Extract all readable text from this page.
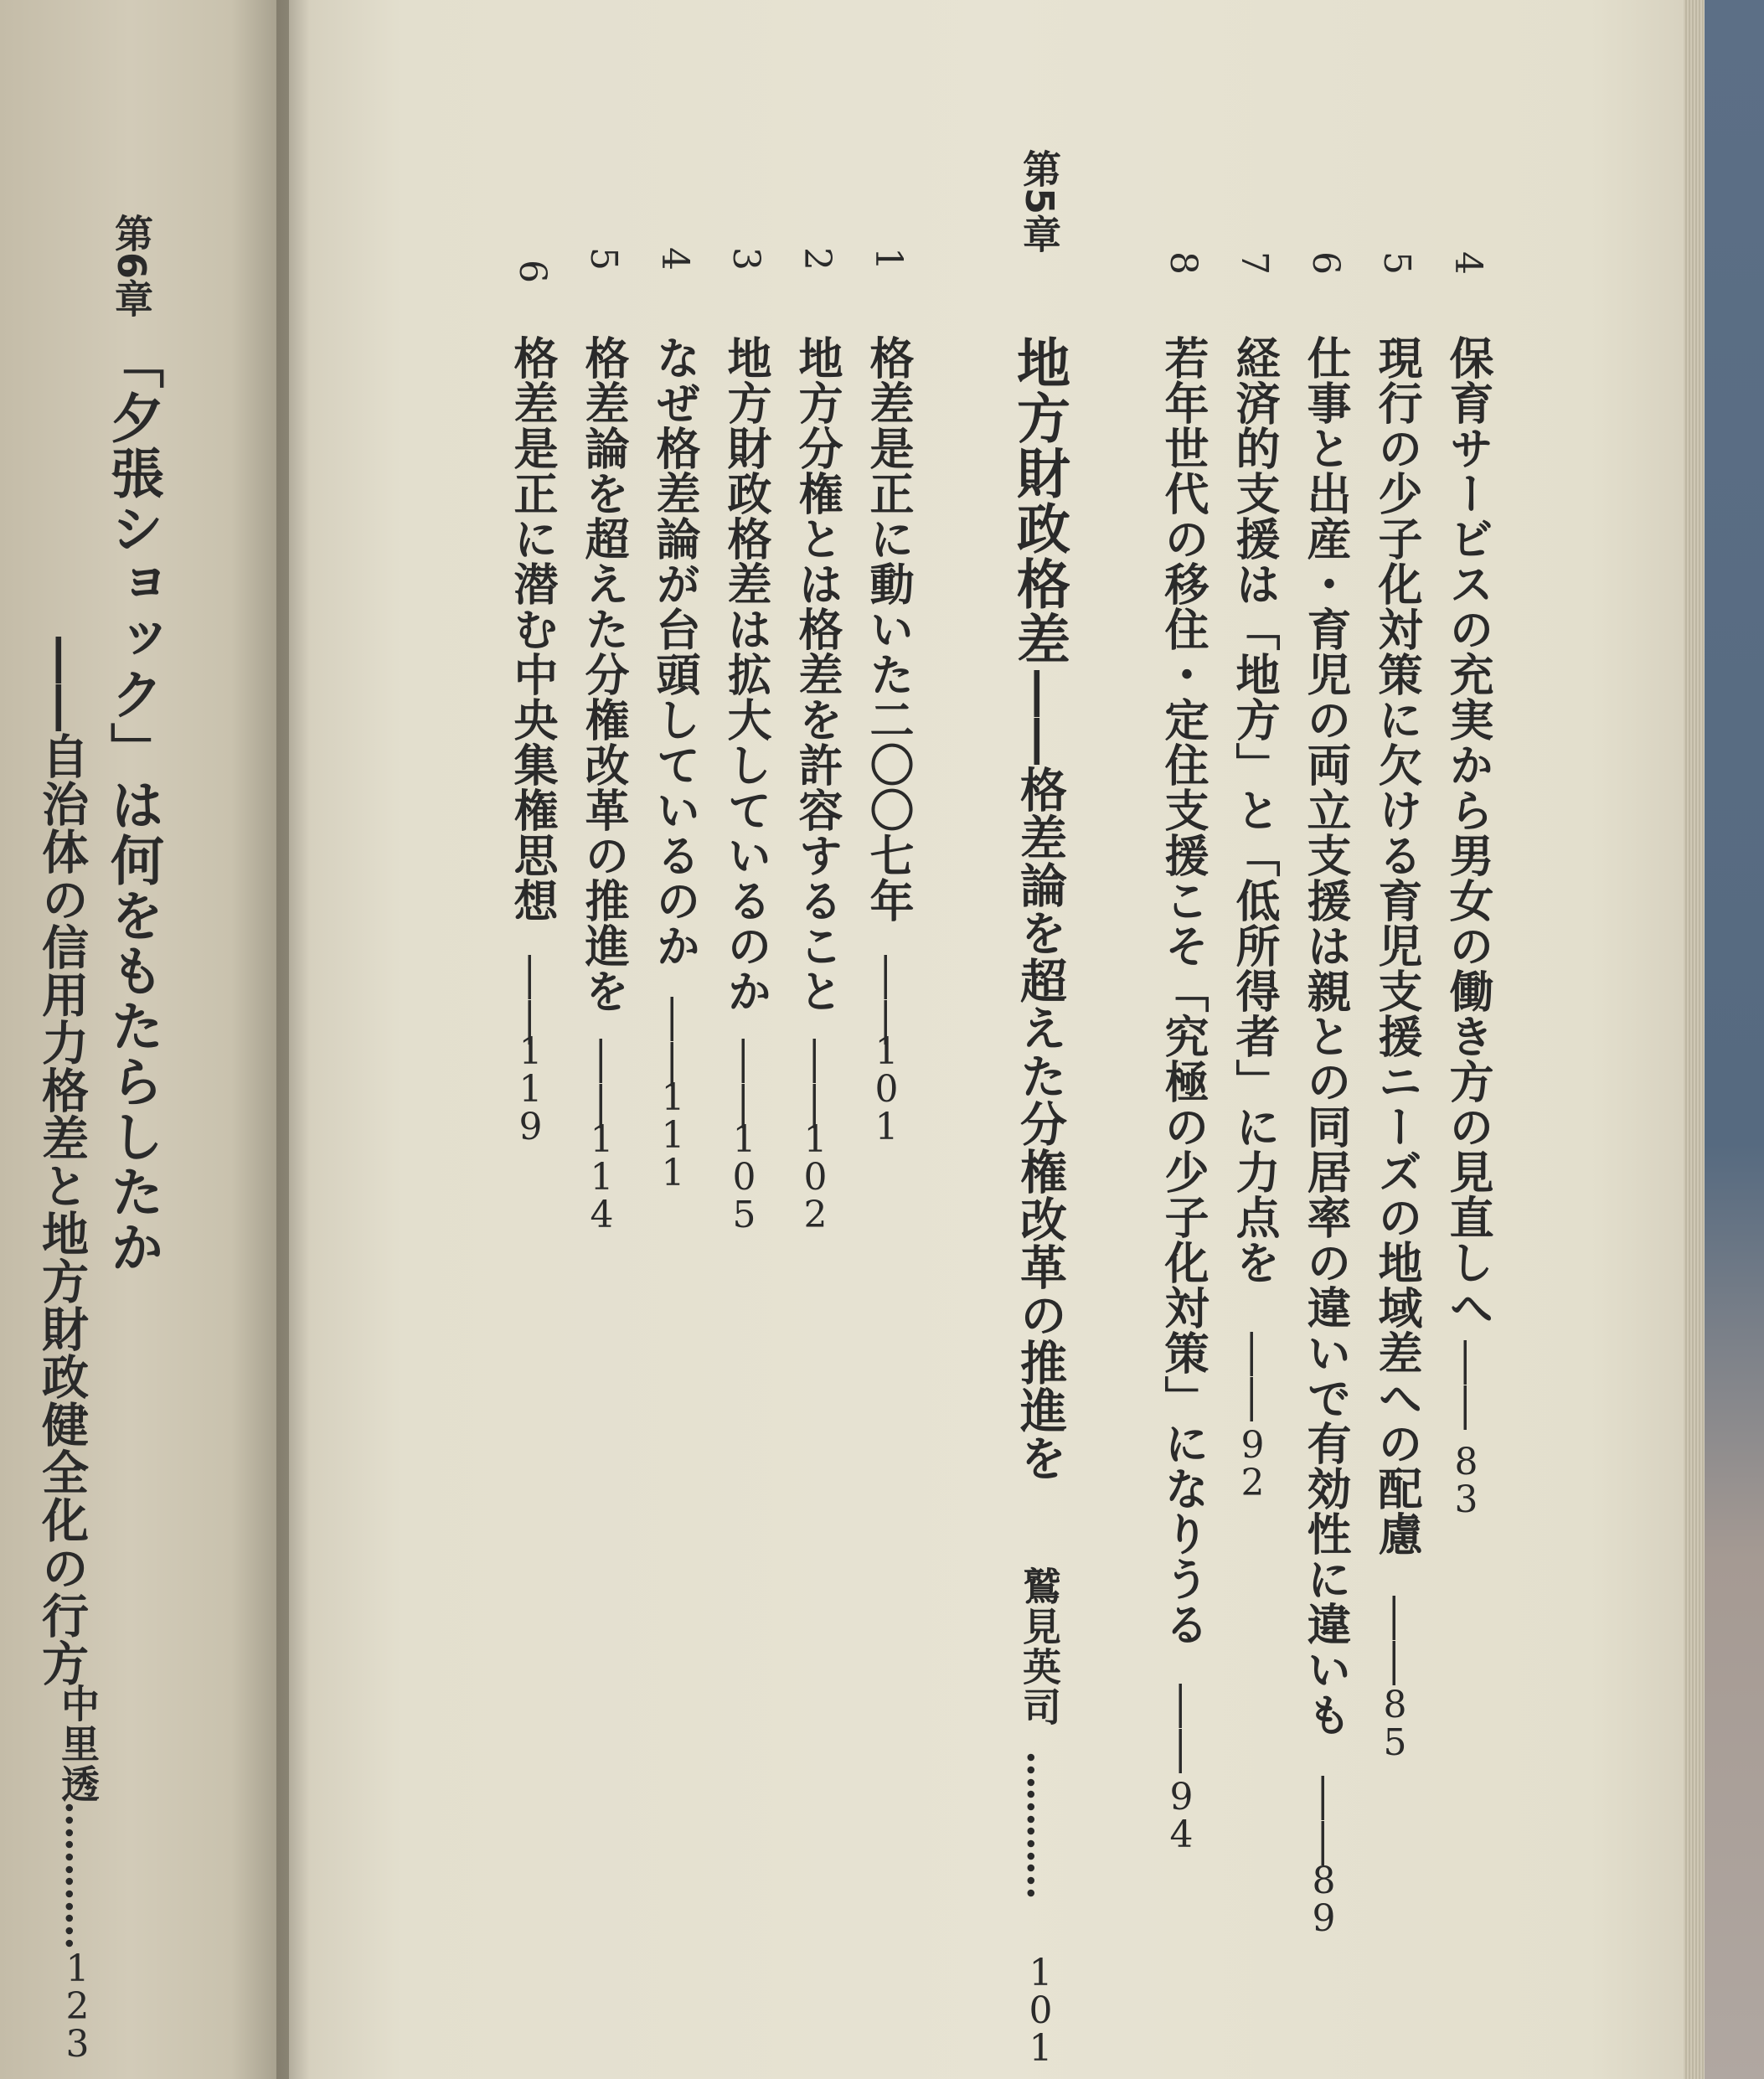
4
保育サービスの充実から男女の働き方の見直しへ
――
83
5
現行の少子化対策に欠ける育児支援ニーズの地域差への配慮
――
85
6
仕事と出産・育児の両立支援は親との同居率の違いで有効性に違いも
――
89
7
経済的支援は「地方」と「低所得者」に力点を
――
92
8
若年世代の移住・定住支援こそ「究極の少子化対策」になりうる
――
94
第5章
地方財政格差
――格差論を超えた分権改革の推進を
鷲見英司
…………
101
1
格差是正に動いた二〇〇七年
――
101
2
地方分権とは格差を許容すること
――
102
3
地方財政格差は拡大しているのか
――
105
4
なぜ格差論が台頭しているのか
――
111
5
格差論を超えた分権改革の推進を
――
114
6
格差是正に潜む中央集権思想
――
119
第6章
「夕張ショック」は何をもたらしたか
――自治体の信用力格差と地方財政健全化の行方
中里透
…………
123
